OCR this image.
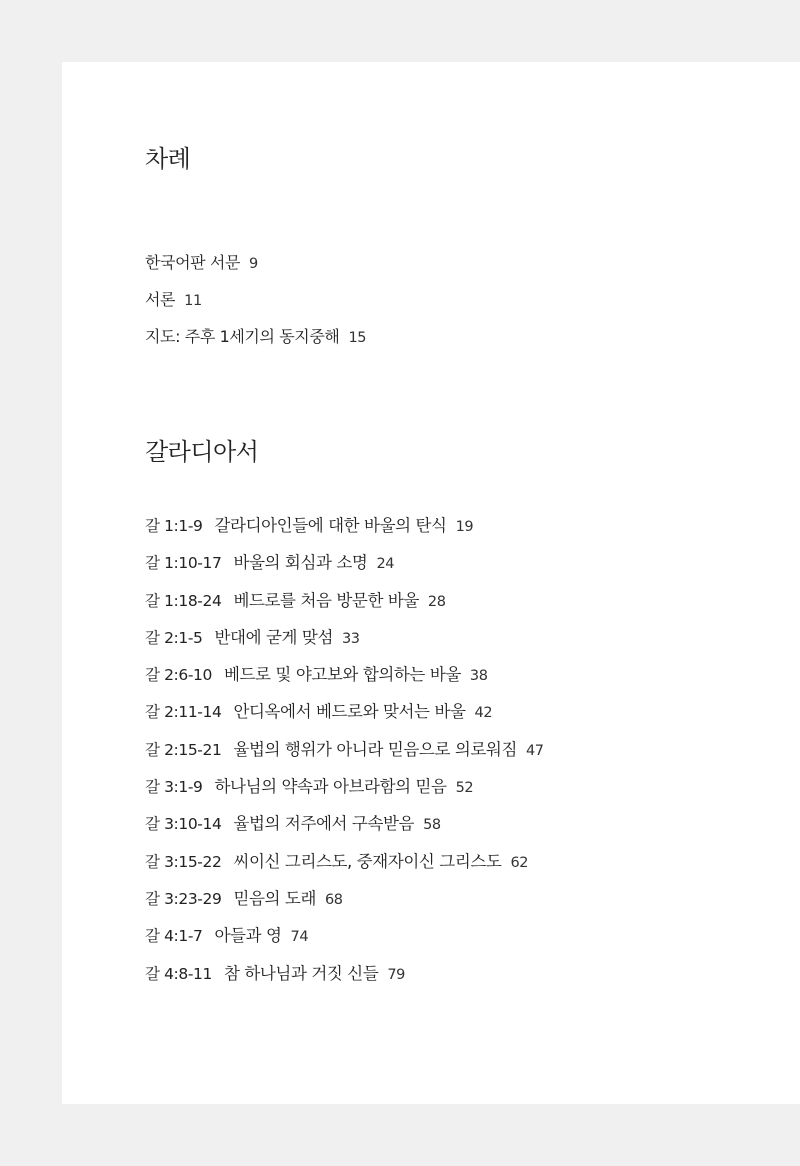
차례
한국어판 서문 9
서론 11
지도: 주후 1세기의 동지중해 15
갈라디아서
갈 1:1-9 갈라디아인들에 대한 바울의 탄식 19
갈 1:10-17 바울의 회심과 소명 24
갈 1:18-24 베드로를 처음 방문한 바울 28
갈 2:1-5 반대에 굳게 맞섬 33
갈 2:6-10 베드로 및 야고보와 합의하는 바울 38
갈 2:11-14 안디옥에서 베드로와 맞서는 바울 42
갈 2:15-21 율법의 행위가 아니라 믿음으로 의로워짐 47
갈 3:1-9 하나님의 약속과 아브라함의 믿음 52
갈 3:10-14 율법의 저주에서 구속받음 58
갈 3:15-22 씨이신 그리스도, 중재자이신 그리스도 62
갈 3:23-29 믿음의 도래 68
갈 4:1-7 아들과 영 74
갈 4:8-11 참 하나님과 거짓 신들 79
